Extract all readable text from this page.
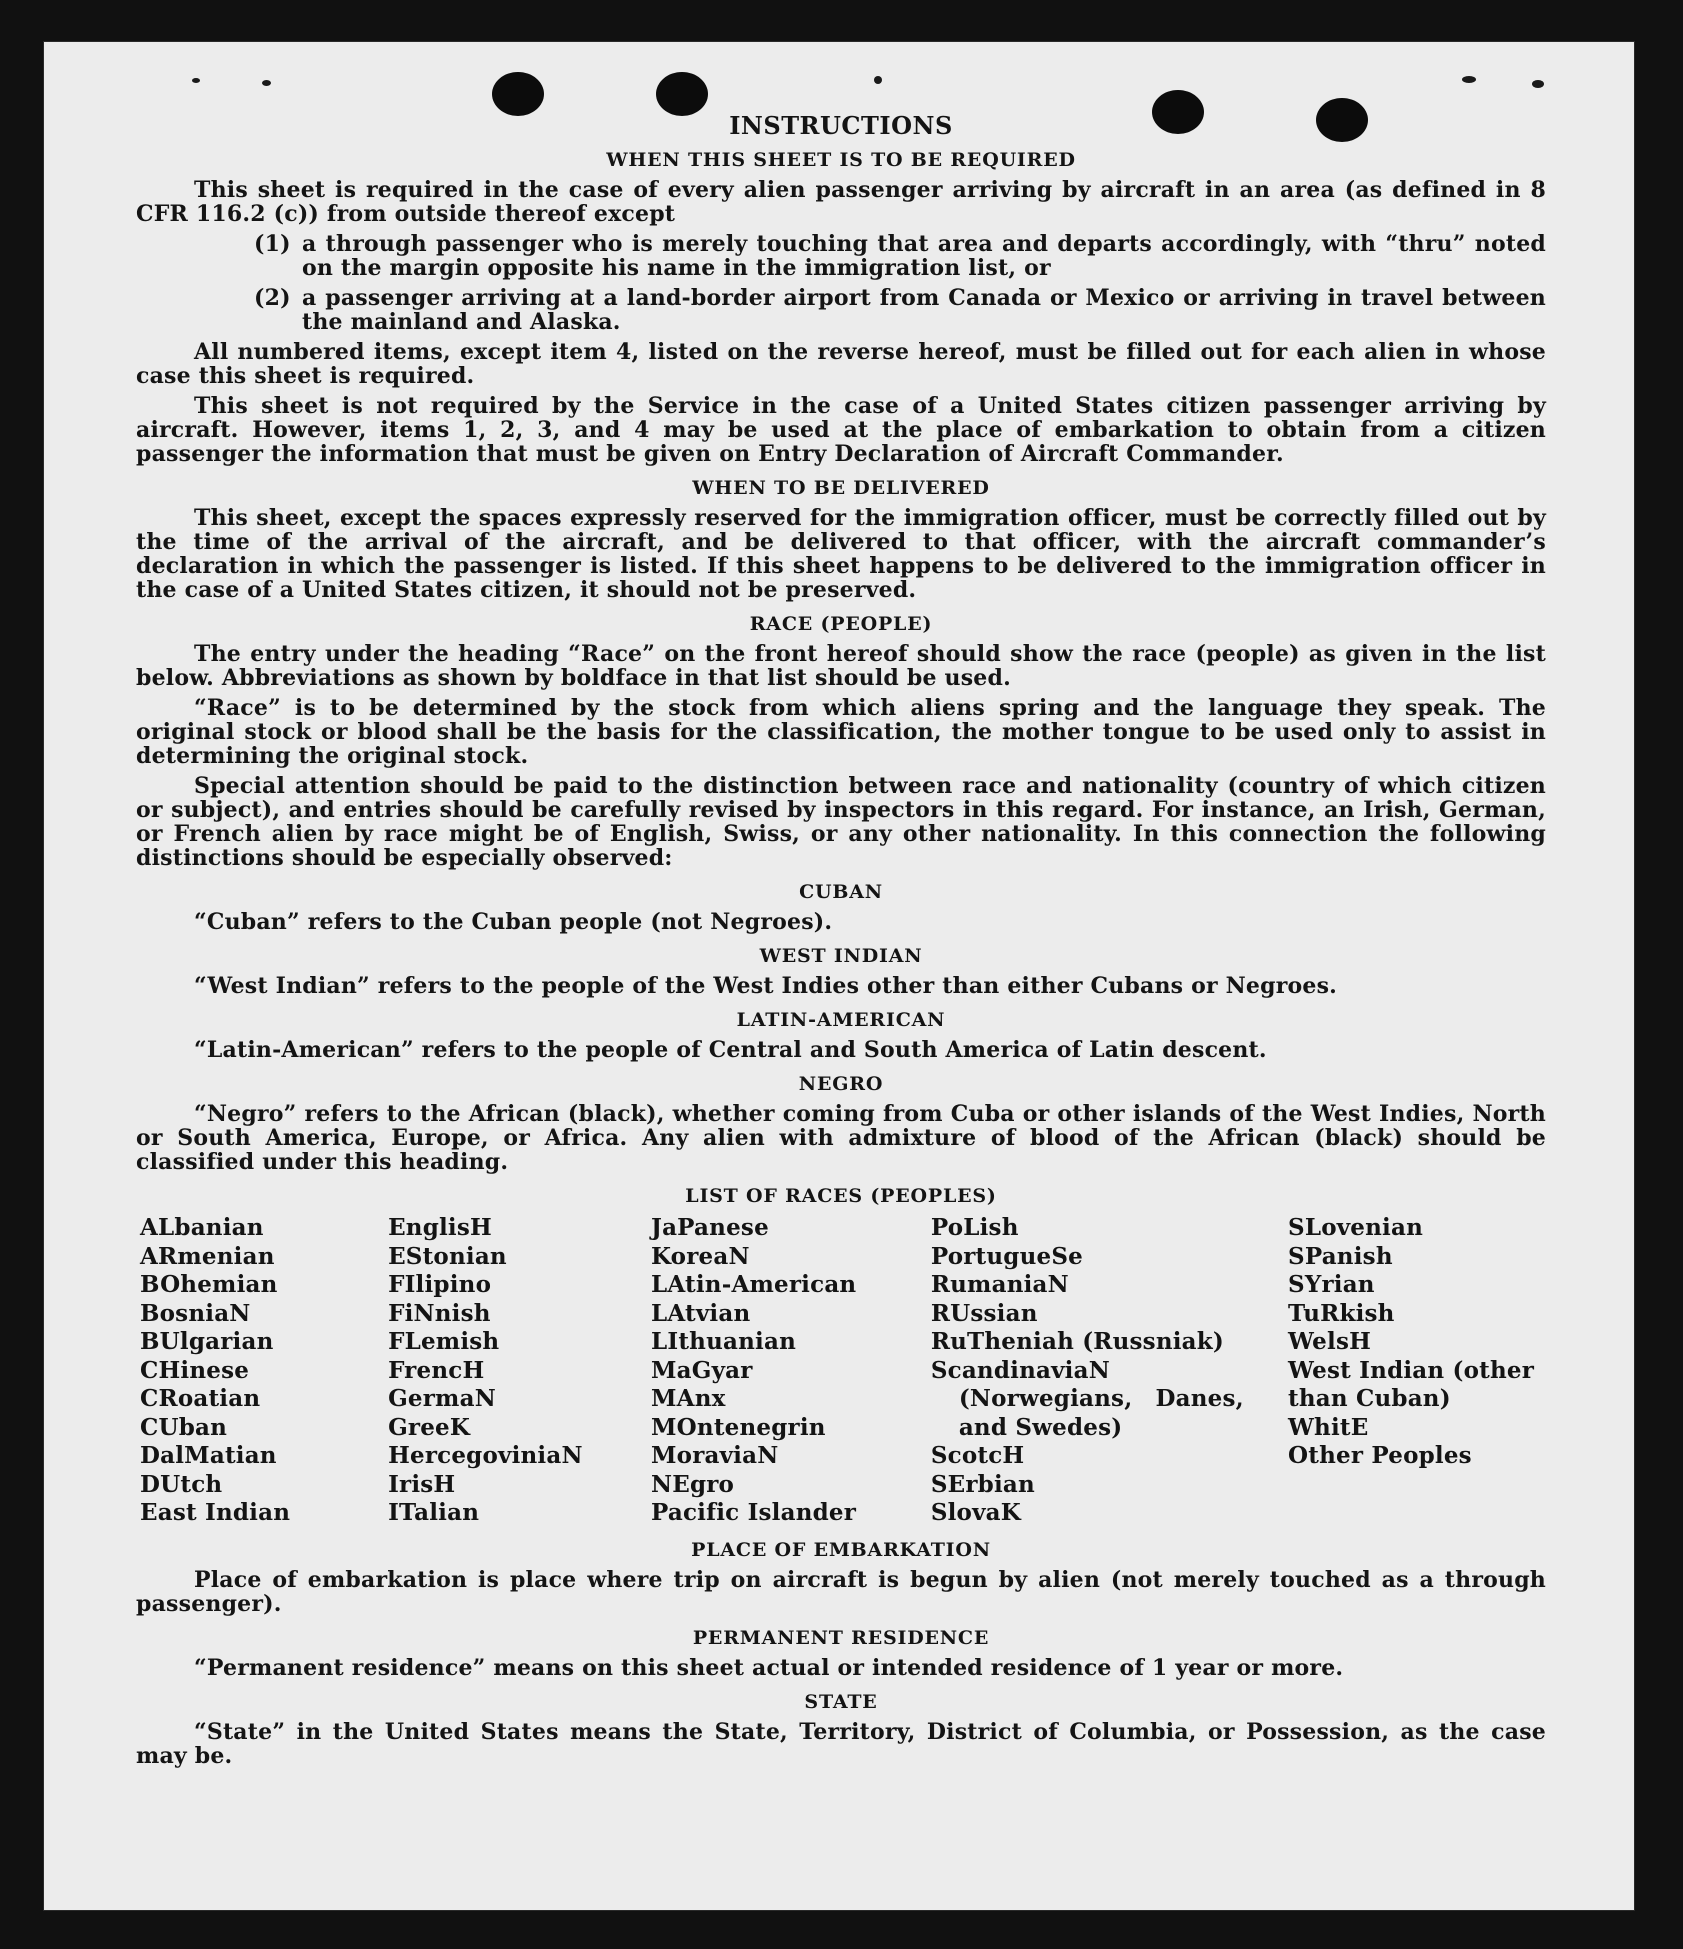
INSTRUCTIONS
WHEN THIS SHEET IS TO BE REQUIRED

This sheet is required in the case of every alien passenger arriving by aircraft in an area (as defined in 8 CFR 116.2 (c)) from outside thereof except

(1) a through passenger who is merely touching that area and departs accordingly, with “thru” noted on the margin opposite his name in the immigration list, or
(2) a passenger arriving at a land-border airport from Canada or Mexico or arriving in travel between the mainland and Alaska.

All numbered items, except item 4, listed on the reverse hereof, must be filled out for each alien in whose case this sheet is required.

This sheet is not required by the Service in the case of a United States citizen passenger arriving by aircraft. However, items 1, 2, 3, and 4 may be used at the place of embarkation to obtain from a citizen passenger the information that must be given on Entry Declaration of Aircraft Commander.

WHEN TO BE DELIVERED

This sheet, except the spaces expressly reserved for the immigration officer, must be correctly filled out by the time of the arrival of the aircraft, and be delivered to that officer, with the aircraft commander’s declaration in which the passenger is listed. If this sheet happens to be delivered to the immigration officer in the case of a United States citizen, it should not be preserved.

RACE (PEOPLE)

The entry under the heading “Race” on the front hereof should show the race (people) as given in the list below. Abbreviations as shown by boldface in that list should be used.

“Race” is to be determined by the stock from which aliens spring and the language they speak. The original stock or blood shall be the basis for the classification, the mother tongue to be used only to assist in determining the original stock.

Special attention should be paid to the distinction between race and nationality (country of which citizen or subject), and entries should be carefully revised by inspectors in this regard. For instance, an Irish, German, or French alien by race might be of English, Swiss, or any other nationality. In this connection the following distinctions should be especially observed:

CUBAN
“Cuban” refers to the Cuban people (not Negroes).
WEST INDIAN
“West Indian” refers to the people of the West Indies other than either Cubans or Negroes.
LATIN-AMERICAN
“Latin-American” refers to the people of Central and South America of Latin descent.
NEGRO

“Negro” refers to the African (black), whether coming from Cuba or other islands of the West Indies, North or South America, Europe, or Africa. Any alien with admixture of blood of the African (black) should be classified under this heading.

LIST OF RACES (PEOPLES)
ALbanian
ARmenian
BOhemian
BosniaN
BUlgarian
CHinese
CRoatian
CUban
DalMatian
DUtch
East Indian
EnglisH
EStonian
FIlipino
FiNnish
FLemish
FrencH
GermaN
GreeK
HercegoviniaN
IrisH
ITalian
JaPanese
KoreaN
LAtin-American
LAtvian
LIthuanian
MaGyar
MAnx
MOntenegrin
MoraviaN
NEgro
Pacific Islander
PoLish
PortugueSe
RumaniaN
RUssian
RuTheniah (Russniak)
ScandinaviaN (Norwegians, Danes, and Swedes)
ScotcH
SErbian
SlovaK
SLovenian
SPanish
SYrian
TuRkish
WelsH
West Indian (other than Cuban)
WhitE
Other Peoples
PLACE OF EMBARKATION

Place of embarkation is place where trip on aircraft is begun by alien (not merely touched as a through passenger).

PERMANENT RESIDENCE

“Permanent residence” means on this sheet actual or intended residence of 1 year or more.

STATE

“State” in the United States means the State, Territory, District of Columbia, or Possession, as the case may be.
